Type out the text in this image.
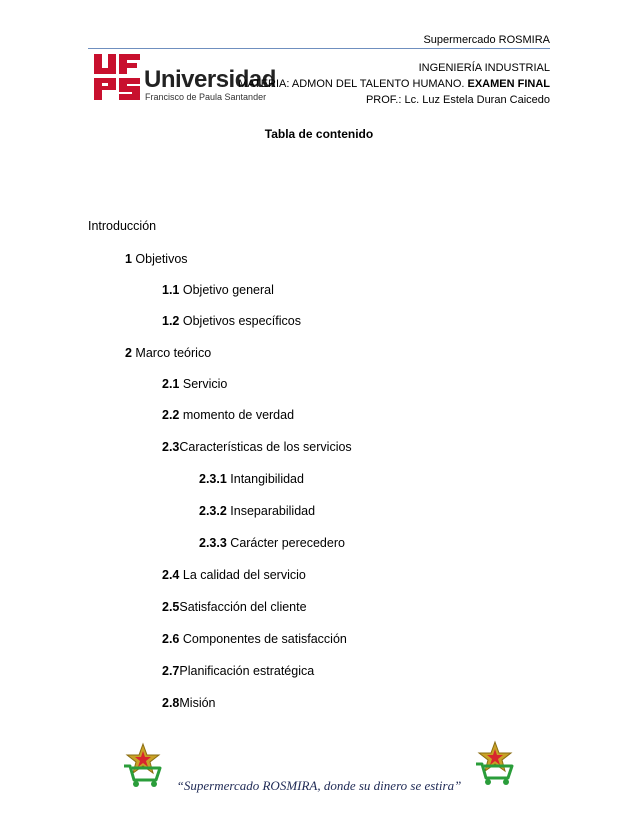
Supermercado ROSMIRA
Universidad
Francisco de Paula Santander
INGENIERÍA INDUSTRIAL
MATERIA: ADMON DEL TALENTO HUMANO. EXAMEN FINAL
PROF.: Lc. Luz Estela Duran Caicedo
Tabla de contenido
Introducción
1 Objetivos
1.1 Objetivo general
1.2 Objetivos específicos
2 Marco teórico
2.1 Servicio
2.2 momento de verdad
2.3Características de los servicios
2.3.1 Intangibilidad
2.3.2 Inseparabilidad
2.3.3 Carácter perecedero
2.4 La calidad del servicio
2.5Satisfacción del cliente
2.6 Componentes de satisfacción
2.7Planificación estratégica
2.8Misión
“Supermercado ROSMIRA, donde su dinero se estira”
